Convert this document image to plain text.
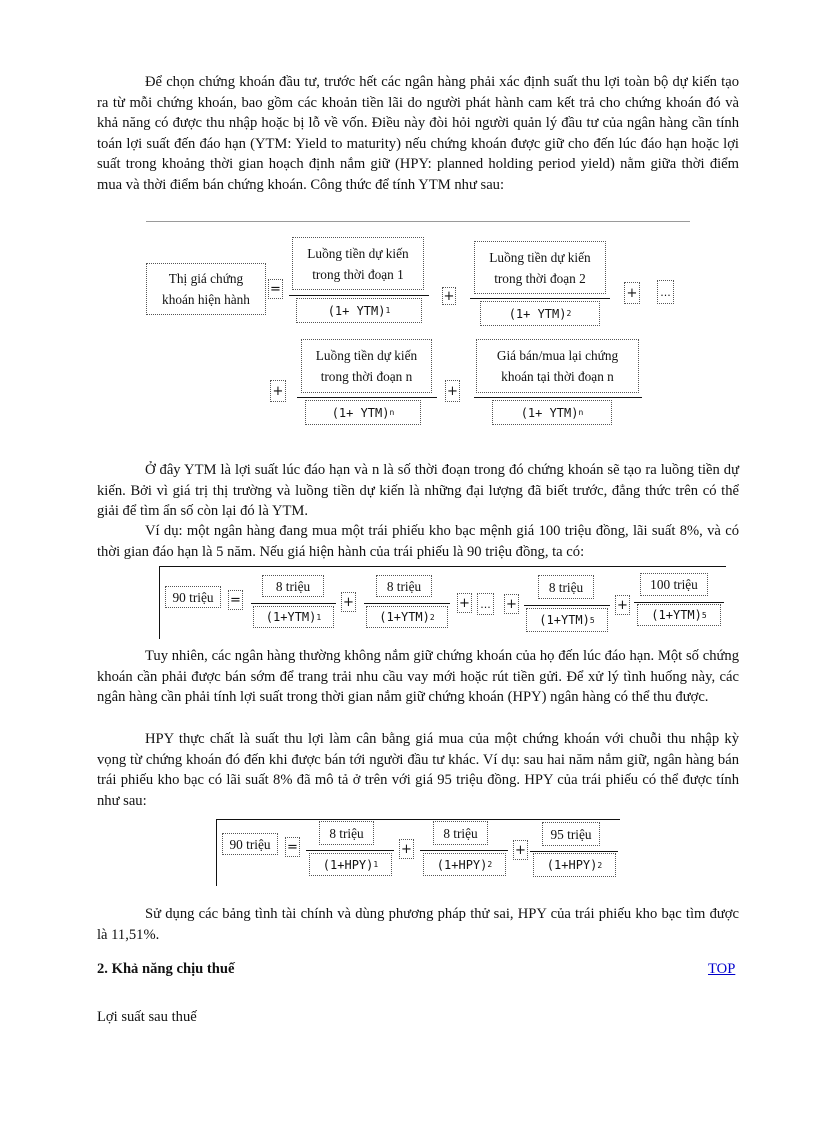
Để chọn chứng khoán đầu tư, trước hết các ngân hàng phải xác định suất thu lợi toàn bộ dự kiến tạo ra từ mỗi chứng khoán, bao gồm các khoản tiền lãi do người phát hành cam kết trả cho chứng khoán đó và khả năng có được thu nhập hoặc bị lỗ về vốn. Điều này đòi hỏi người quản lý đầu tư của ngân hàng cần tính toán lợi suất đến đáo hạn (YTM: Yield to maturity) nếu chứng khoán được giữ cho đến lúc đáo hạn hoặc lợi suất trong khoảng thời gian hoạch định nắm giữ (HPY: planned holding period yield) nằm giữa thời điểm mua và thời điểm bán chứng khoán. Công thức để tính YTM như sau:

Thị giá chứng
khoán hiện hành
=
Luồng tiền dự kiến
trong thời đoạn 1
(1+ YTM) 1
+
Luồng tiền dự kiến
trong thời đoạn 2
(1+ YTM) 2
+ ...
+
Luồng tiền dự kiến
trong thời đoạn n
(1+ YTM) n
+
Giá bán/mua lại chứng
khoán tại thời đoạn n
(1+ YTM) n

Ở đây YTM là lợi suất lúc đáo hạn và n là số thời đoạn trong đó chứng khoán sẽ tạo ra luồng tiền dự kiến. Bởi vì giá trị thị trường và luồng tiền dự kiến là những đại lượng đã biết trước, đẳng thức trên có thể giải để tìm ẩn số còn lại đó là YTM.

Ví dụ: một ngân hàng đang mua một trái phiếu kho bạc mệnh giá 100 triệu đồng, lãi suất 8%, và có thời gian đáo hạn là 5 năm. Nếu giá hiện hành của trái phiếu là 90 triệu đồng, ta có:

90 triệu	=
8 triệu
(1+YTM) 1
+
8 triệu
(1+YTM) 2
+ ... +
8 triệu
(1+YTM) 5
+
100 triệu
(1+YTM) 5

Tuy nhiên, các ngân hàng thường không nắm giữ chứng khoán của họ đến lúc đáo hạn. Một số chứng khoán cần phải được bán sớm để trang trải nhu cầu vay mới hoặc rút tiền gửi. Để xử lý tình huống này, các ngân hàng cần phải tính lợi suất trong thời gian nắm giữ chứng khoán (HPY) ngân hàng có thể thu được.

HPY thực chất là suất thu lợi làm cân bằng giá mua của một chứng khoán với chuỗi thu nhập kỳ vọng từ chứng khoán đó đến khi được bán tới người đầu tư khác. Ví dụ: sau hai năm nắm giữ, ngân hàng bán trái phiếu kho bạc có lãi suất 8% đã mô tả ở trên với giá 95 triệu đồng. HPY của trái phiếu có thể được tính như sau:

90 triệu	=
8 triệu
(1+HPY) 1
+
8 triệu
(1+HPY) 2
+
95 triệu
(1+HPY) 2

Sử dụng các bảng tình tài chính và dùng phương pháp thử sai, HPY của trái phiếu kho bạc tìm được là 11,51%.

2. Khả năng chịu thuế	TOP

Lợi suất sau thuế
